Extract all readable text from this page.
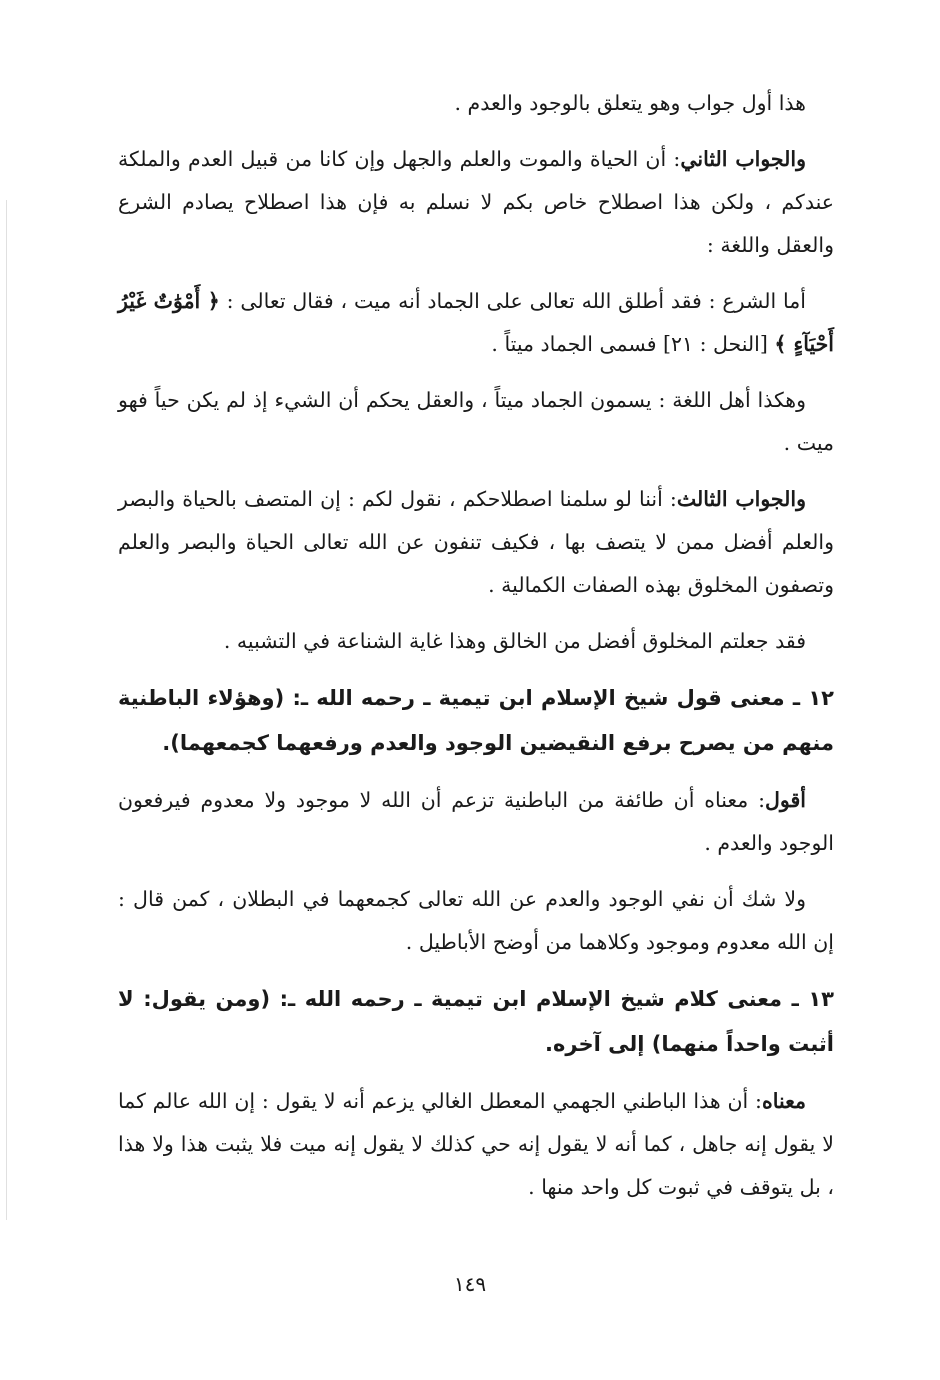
هذا أول جواب وهو يتعلق بالوجود والعدم .

والجواب الثاني: أن الحياة والموت والعلم والجهل وإن كانا من قبيل العدم والملكة عندكم ، ولكن هذا اصطلاح خاص بكم لا نسلم به فإن هذا اصطلاح يصادم الشرع والعقل واللغة :

أما الشرع : فقد أطلق الله تعالى على الجماد أنه ميت ، فقال تعالى : ﴿ أَمْوَٰتٌ غَيْرُ أَحْيَآءٍ ﴾ [النحل : ٢١] فسمى الجماد ميتاً .

وهكذا أهل اللغة : يسمون الجماد ميتاً ، والعقل يحكم أن الشيء إذ لم يكن حياً فهو ميت .

والجواب الثالث: أننا لو سلمنا اصطلاحكم ، نقول لكم : إن المتصف بالحياة والبصر والعلم أفضل ممن لا يتصف بها ، فكيف تنفون عن الله تعالى الحياة والبصر والعلم وتصفون المخلوق بهذه الصفات الكمالية .

فقد جعلتم المخلوق أفضل من الخالق وهذا غاية الشناعة في التشبيه .

١٢ ـ معنى قول شيخ الإسلام ابن تيمية ـ رحمه الله ـ: (وهؤلاء الباطنية منهم من يصرح برفع النقيضين الوجود والعدم ورفعهما كجمعهما).

أقول: معناه أن طائفة من الباطنية تزعم أن الله لا موجود ولا معدوم فيرفعون الوجود والعدم .

ولا شك أن نفي الوجود والعدم عن الله تعالى كجمعهما في البطلان ، كمن قال : إن الله معدوم وموجود وكلاهما من أوضح الأباطيل .

١٣ ـ معنى كلام شيخ الإسلام ابن تيمية ـ رحمه الله ـ: (ومن يقول: لا أثبت واحداً منهما) إلى آخره.

معناه: أن هذا الباطني الجهمي المعطل الغالي يزعم أنه لا يقول : إن الله عالم كما لا يقول إنه جاهل ، كما أنه لا يقول إنه حي كذلك لا يقول إنه ميت فلا يثبت هذا ولا هذا ، بل يتوقف في ثبوت كل واحد منها .

١٤٩
